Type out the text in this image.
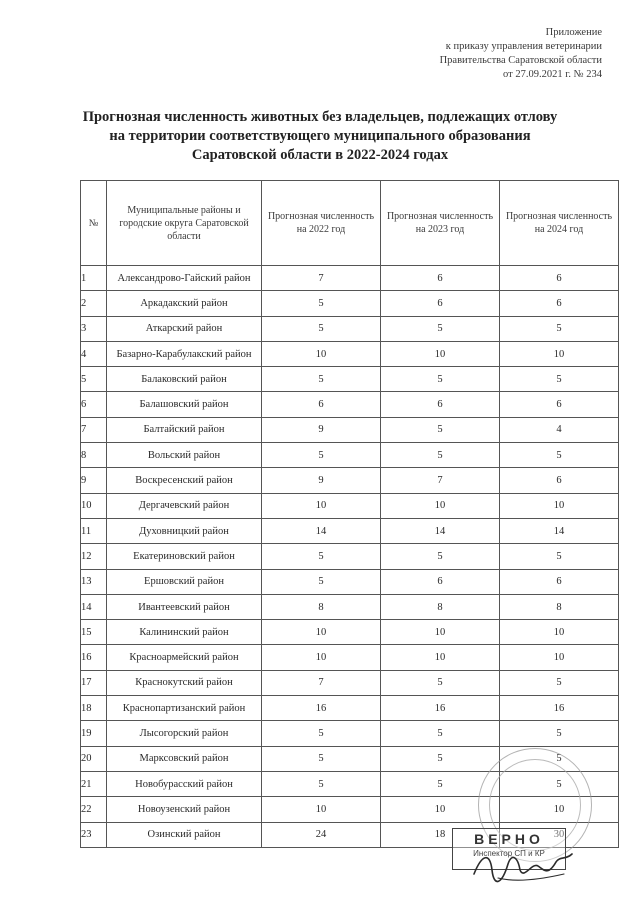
Приложение
к приказу управления ветеринарии
Правительства Саратовской области
от 27.09.2021 г. № 234
Прогнозная численность животных без владельцев, подлежащих отлову
на территории соответствующего муниципального образования
Саратовской области в 2022-2024 годах
№	Муниципальные районы и городские округа Саратовской области	Прогнозная численность на 2022 год	Прогнозная численность на 2023 год	Прогнозная численность на 2024 год
1	Александрово-Гайский район	7	6	6
2	Аркадакский район	5	6	6
3	Аткарский район	5	5	5
4	Базарно-Карабулакский район	10	10	10
5	Балаковский район	5	5	5
6	Балашовский район	6	6	6
7	Балтайский район	9	5	4
8	Вольский район	5	5	5
9	Воскресенский район	9	7	6
10	Дергачевский район	10	10	10
11	Духовницкий район	14	14	14
12	Екатериновский район	5	5	5
13	Ершовский район	5	6	6
14	Ивантеевский район	8	8	8
15	Калининский район	10	10	10
16	Красноармейский район	10	10	10
17	Краснокутский район	7	5	5
18	Краснопартизанский район	16	16	16
19	Лысогорский район	5	5	5
20	Марксовский район	5	5	5
21	Новобурасский район	5	5	5
22	Новоузенский район	10	10	10
23	Озинский район	24	18	30
ВЕРНО
Инспектор СП и КР
